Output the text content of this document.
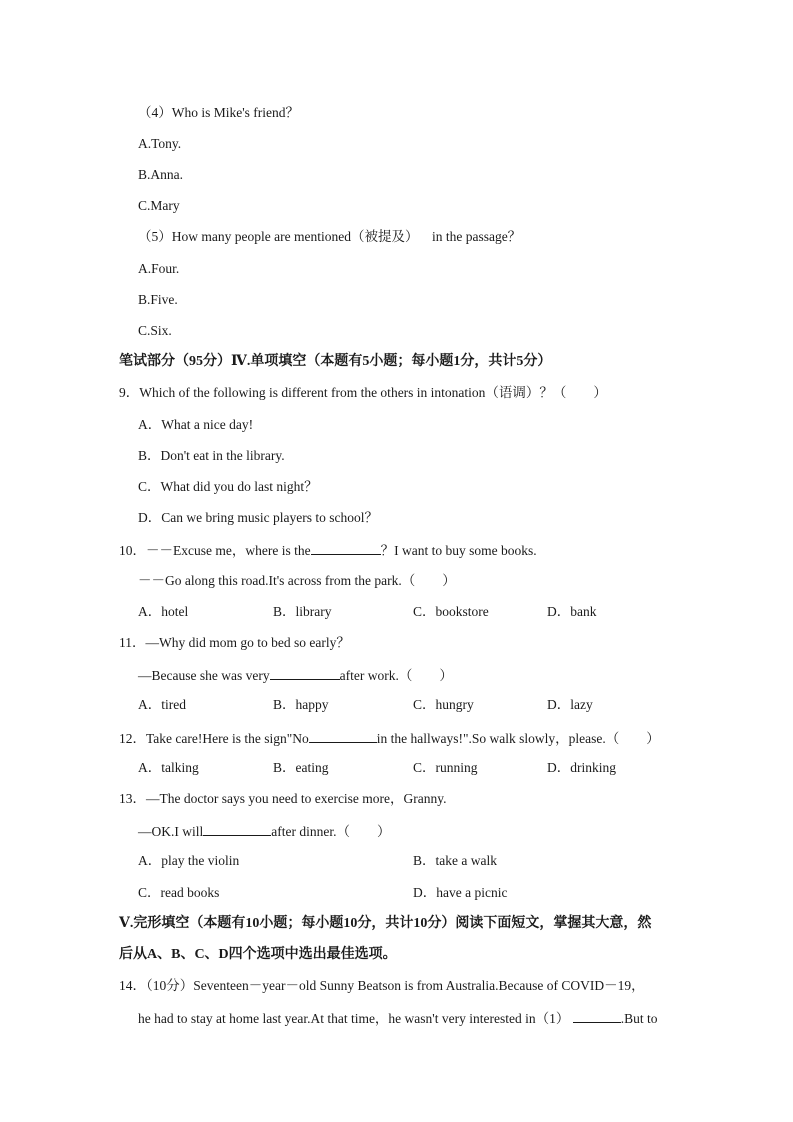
（4）Who is Mike's friend？
A.Tony.
B.Anna.
C.Mary
（5）How many people are mentioned（被提及） in the passage？
A.Four.
B.Five.
C.Six.
笔试部分（95分）Ⅳ.单项填空（本题有5小题；每小题1分，共计5分）
9．Which of the following is different from the others in intonation（语调）？（　　）
A．What a nice day!
B．Don't eat in the library.
C．What did you do last night？
D．Can we bring music players to school？
10．－－Excuse me，where is the	？I want to buy some books.
－－Go along this road.It's across from the park.（　　）
A．hotel	B．library	C．bookstore	D．bank
11．—Why did mom go to bed so early？
—Because she was very	after work.（　　）
A．tired	B．happy	C．hungry	D．lazy
12．Take care!Here is the sign"No	in the hallways!".So walk slowly，please.（　　）
A．talking	B．eating	C．running	D．drinking
13．—The doctor says you need to exercise more，Granny.
—OK.I will	after dinner.（　　）
A．play the violin	B．take a walk
C．read books	D．have a picnic
Ⅴ.完形填空（本题有10小题；每小题10分，共计10分）阅读下面短文，掌握其大意，然
后从A、B、C、D四个选项中选出最佳选项。
14．（10分）Seventeen－year－old Sunny Beatson is from Australia.Because of COVID－19，
he had to stay at home last year.At that time，he wasn't very interested in（1）	.But to
